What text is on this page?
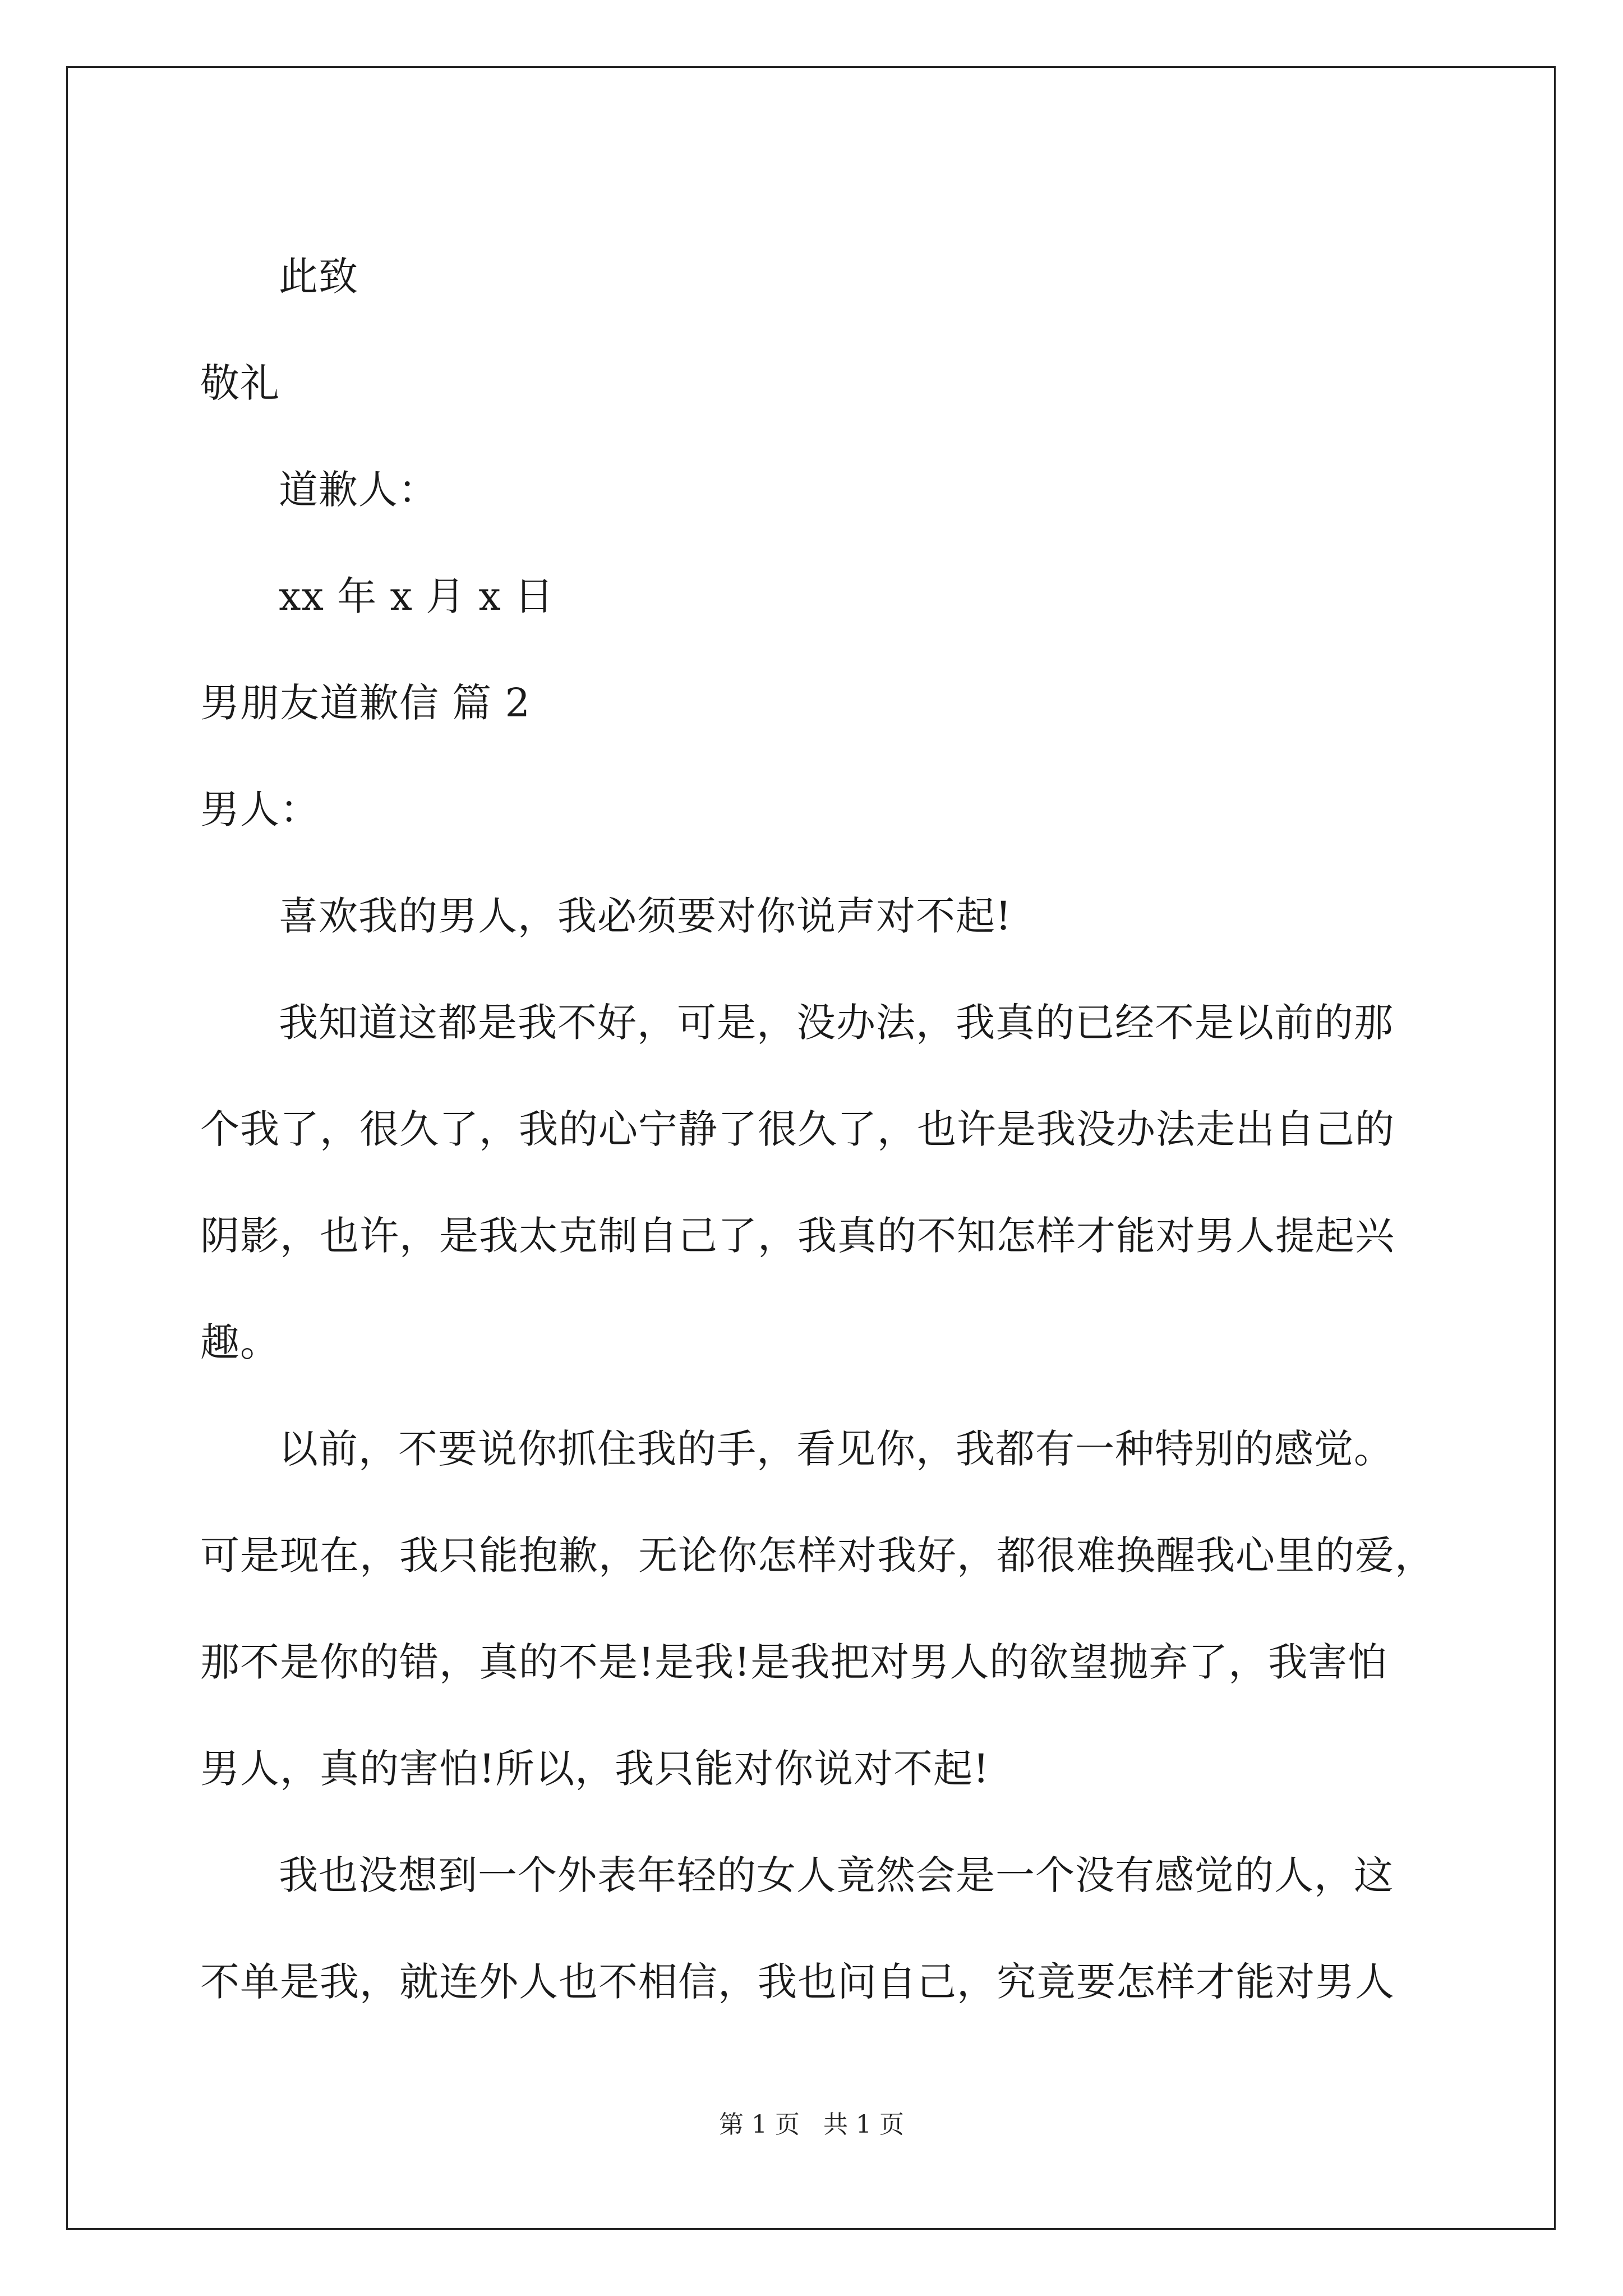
此致
敬礼
道歉人：
xx 年 x 月 x 日
男朋友道歉信 篇 2
男人：
喜欢我的男人，我必须要对你说声对不起!
我知道这都是我不好，可是，没办法，我真的已经不是以前的那
个我了，很久了，我的心宁静了很久了，也许是我没办法走出自己的
阴影，也许，是我太克制自己了，我真的不知怎样才能对男人提起兴
趣。
以前，不要说你抓住我的手，看见你，我都有一种特别的感觉。
可是现在，我只能抱歉，无论你怎样对我好，都很难换醒我心里的爱，
那不是你的错，真的不是!是我!是我把对男人的欲望抛弃了，我害怕
男人，真的害怕!所以，我只能对你说对不起!
我也没想到一个外表年轻的女人竟然会是一个没有感觉的人，这
不单是我，就连外人也不相信，我也问自己，究竟要怎样才能对男人
第 1 页   共 1 页
